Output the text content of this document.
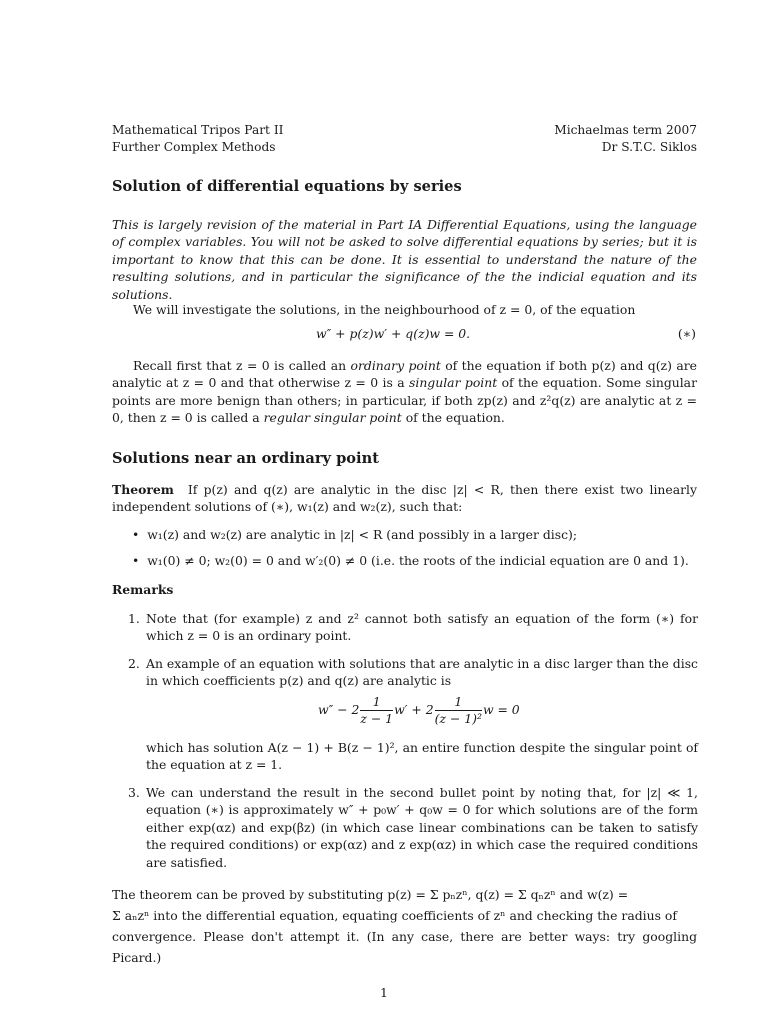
Mathematical Tripos Part II
Further Complex Methods
Michaelmas term 2007
Dr S.T.C. Siklos
Solution of differential equations by series
This is largely revision of the material in Part IA Differential Equations, using the language of complex variables. You will not be asked to solve differential equations by series; but it is important to know that this can be done. It is essential to understand the nature of the resulting solutions, and in particular the significance of the the indicial equation and its solutions.
We will investigate the solutions, in the neighbourhood of z = 0, of the equation
w″ + p(z)w′ + q(z)w = 0.	(∗)
Recall first that z = 0 is called an ordinary point of the equation if both p(z) and q(z) are analytic at z = 0 and that otherwise z = 0 is a singular point of the equation. Some singular points are more benign than others; in particular, if both zp(z) and z²q(z) are analytic at z = 0, then z = 0 is called a regular singular point of the equation.
Solutions near an ordinary point
Theorem If p(z) and q(z) are analytic in the disc |z| < R, then there exist two linearly independent solutions of (∗), w₁(z) and w₂(z), such that:
•  w₁(z) and w₂(z) are analytic in |z| < R (and possibly in a larger disc);
•  w₁(0) ≠ 0; w₂(0) = 0 and w′₂(0) ≠ 0 (i.e. the roots of the indicial equation are 0 and 1).
Remarks
1. Note that (for example) z and z² cannot both satisfy an equation of the form (∗) for which z = 0 is an ordinary point.
2. An example of an equation with solutions that are analytic in a disc larger than the disc in which coefficients p(z) and q(z) are analytic is
$w'' - 2 \frac{1}{z - 1} w' + 2 \frac{1}{\text{(z − 1)²}}$ w = 0
which has solution A(z − 1) + B(z − 1)², an entire function despite the singular point of the equation at z = 1.
3. We can understand the result in the second bullet point by noting that, for |z| ≪ 1, equation (∗) is approximately w″ + p₀w′ + q₀w = 0 for which solutions are of the form either exp(αz) and exp(βz) (in which case linear combinations can be taken to satisfy the required conditions) or exp(αz) and z exp(αz) in which case the required conditions are satisfied.
The theorem can be proved by substituting p(z) = Σ pₙzⁿ, q(z) = Σ qₙzⁿ and w(z) =
Σ aₙzⁿ into the differential equation, equating coefficients of zⁿ and checking the radius of
convergence. Please don't attempt it. (In any case, there are better ways: try googling Picard.)
1
